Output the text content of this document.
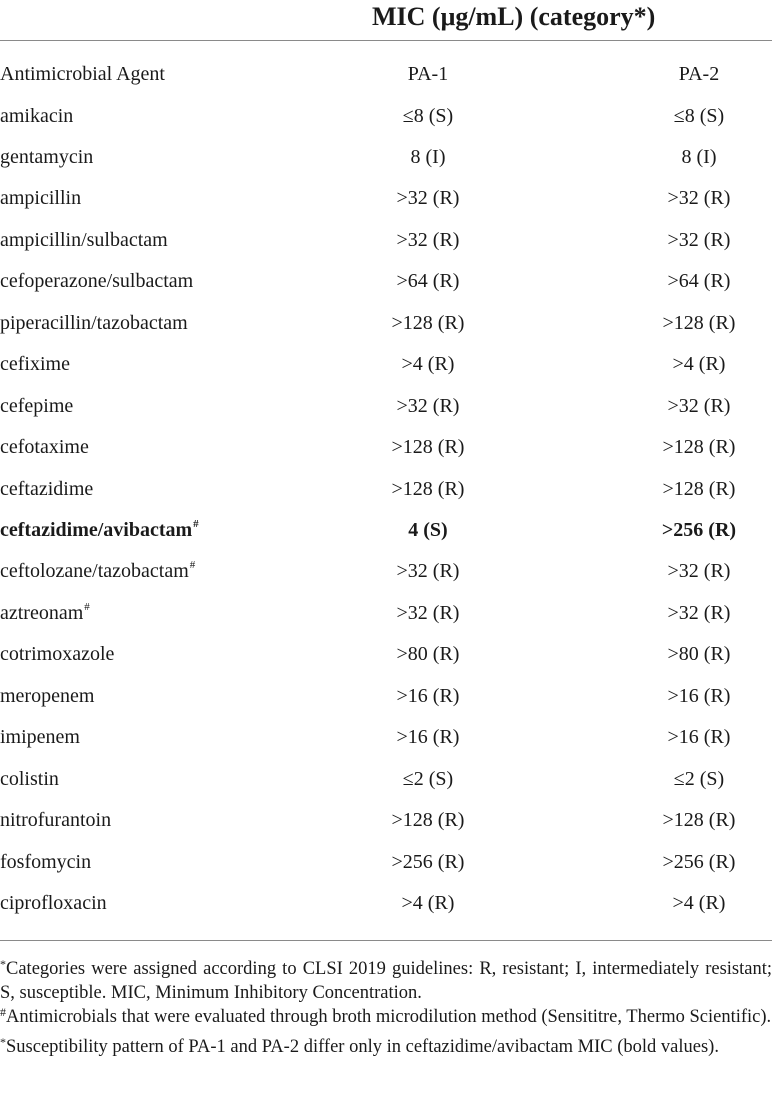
MIC (μg/mL) (category*)
Antimicrobial Agent	PA-1	PA-2
amikacin	≤8 (S)	≤8 (S)
gentamycin	8 (I)	8 (I)
ampicillin	>32 (R)	>32 (R)
ampicillin/sulbactam	>32 (R)	>32 (R)
cefoperazone/sulbactam	>64 (R)	>64 (R)
piperacillin/tazobactam	>128 (R)	>128 (R)
cefixime	>4 (R)	>4 (R)
cefepime	>32 (R)	>32 (R)
cefotaxime	>128 (R)	>128 (R)
ceftazidime	>128 (R)	>128 (R)
ceftazidime/avibactam#	4 (S)	>256 (R)
ceftolozane/tazobactam#	>32 (R)	>32 (R)
aztreonam#	>32 (R)	>32 (R)
cotrimoxazole	>80 (R)	>80 (R)
meropenem	>16 (R)	>16 (R)
imipenem	>16 (R)	>16 (R)
colistin	≤2 (S)	≤2 (S)
nitrofurantoin	>128 (R)	>128 (R)
fosfomycin	>256 (R)	>256 (R)
ciprofloxacin	>4 (R)	>4 (R)

*Categories were assigned according to CLSI 2019 guidelines: R, resistant; I, intermediately resistant; S, susceptible. MIC, Minimum Inhibitory Concentration.

#Antimicrobials that were evaluated through broth microdilution method (Sensititre, Thermo Scientific).

*Susceptibility pattern of PA-1 and PA-2 differ only in ceftazidime/avibactam MIC (bold values).
